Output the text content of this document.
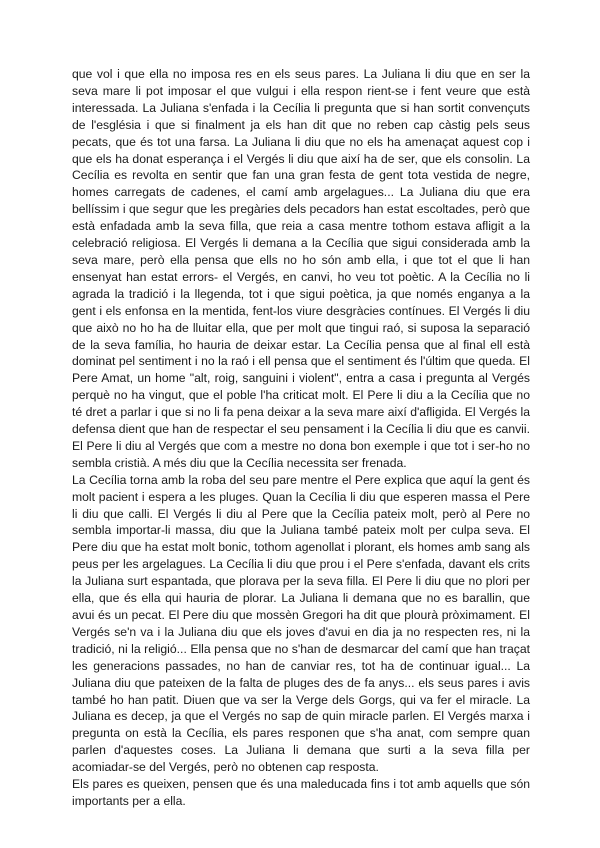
que vol i que ella no imposa res en els seus pares. La Juliana li diu que en ser la seva mare li pot imposar el que vulgui i ella respon rient-se i fent veure que està interessada. La Juliana s'enfada i la Cecília li pregunta que si han sortit convençuts de l'església i que si finalment ja els han dit que no reben cap càstig pels seus pecats, que és tot una farsa. La Juliana li diu que no els ha amenaçat aquest cop i que els ha donat esperança i el Vergés li diu que així ha de ser, que els consolin. La Cecília es revolta en sentir que fan una gran festa de gent tota vestida de negre, homes carregats de cadenes, el camí amb argelagues... La Juliana diu que era bellíssim i que segur que les pregàries dels pecadors han estat escoltades, però que està enfadada amb la seva filla, que reia a casa mentre tothom estava afligit a la celebració religiosa. El Vergés li demana a la Cecília que sigui considerada amb la seva mare, però ella pensa que ells no ho són amb ella, i que tot el que li han ensenyat han estat errors- el Vergés, en canvi, ho veu tot poètic. A la Cecília no li agrada la tradició i la llegenda, tot i que sigui poètica, ja que només enganya a la gent i els enfonsa en la mentida, fent-los viure desgràcies contínues. El Vergés li diu que això no ho ha de lluitar ella, que per molt que tingui raó, si suposa la separació de la seva família, ho hauria de deixar estar. La Cecília pensa que al final ell està dominat pel sentiment i no la raó i ell pensa que el sentiment és l'últim que queda. El Pere Amat, un home "alt, roig, sanguini i violent", entra a casa i pregunta al Vergés perquè no ha vingut, que el poble l'ha criticat molt. El Pere li diu a la Cecília que no té dret a parlar i que si no li fa pena deixar a la seva mare així d'afligida. El Vergés la defensa dient que han de respectar el seu pensament i la Cecília li diu que es canvii. El Pere li diu al Vergés que com a mestre no dona bon exemple i que tot i ser-ho no sembla cristià. A més diu que la Cecília necessita ser frenada.

La Cecília torna amb la roba del seu pare mentre el Pere explica que aquí la gent és molt pacient i espera a les pluges. Quan la Cecília li diu que esperen massa el Pere li diu que calli. El Vergés li diu al Pere que la Cecília pateix molt, però al Pere no sembla importar-li massa, diu que la Juliana també pateix molt per culpa seva. El Pere diu que ha estat molt bonic, tothom agenollat i plorant, els homes amb sang als peus per les argelagues. La Cecília li diu que prou i el Pere s'enfada, davant els crits la Juliana surt espantada, que plorava per la seva filla. El Pere li diu que no plori per ella, que és ella qui hauria de plorar. La Juliana li demana que no es barallin, que avui és un pecat. El Pere diu que mossèn Gregori ha dit que plourà pròximament. El Vergés se'n va i la Juliana diu que els joves d'avui en dia ja no respecten res, ni la tradició, ni la religió... Ella pensa que no s'han de desmarcar del camí que han traçat les generacions passades, no han de canviar res, tot ha de continuar igual... La Juliana diu que pateixen de la falta de pluges des de fa anys... els seus pares i avis també ho han patit. Diuen que va ser la Verge dels Gorgs, qui va fer el miracle. La Juliana es decep, ja que el Vergés no sap de quin miracle parlen. El Vergés marxa i pregunta on està la Cecília, els pares responen que s'ha anat, com sempre quan parlen d'aquestes coses. La Juliana li demana que surti a la seva filla per acomiadar-se del Vergés, però no obtenen cap resposta.

Els pares es queixen, pensen que és una maleducada fins i tot amb aquells que són importants per a ella.
